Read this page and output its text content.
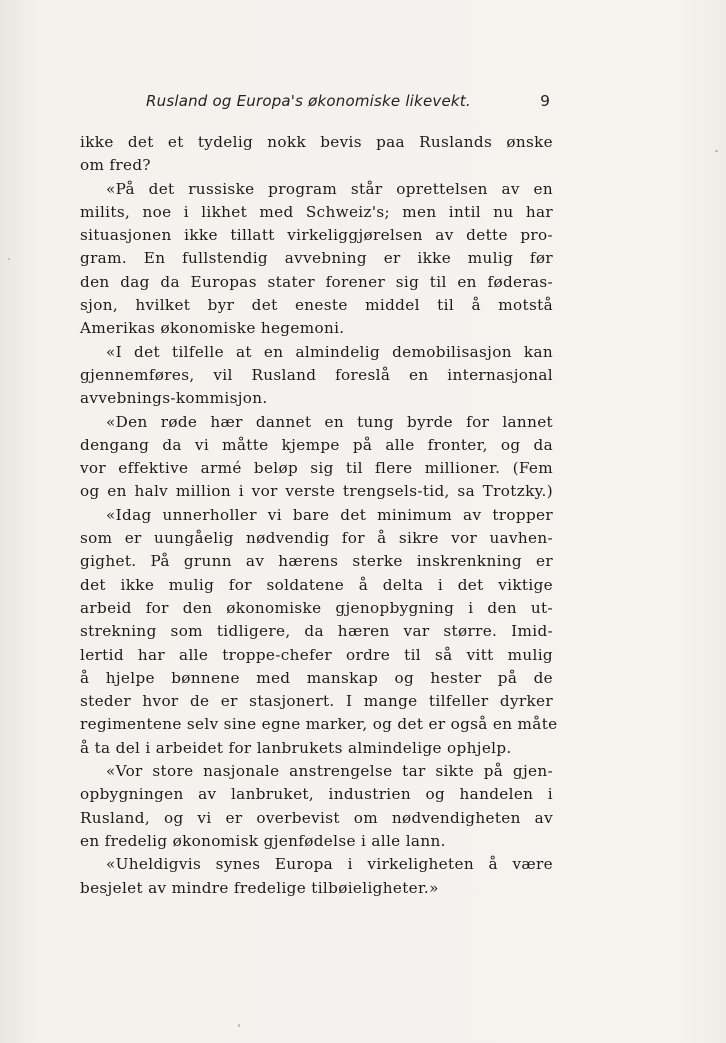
Rusland og Europa's økonomiske likevekt.	9
ikke det et tydelig nokk bevis paa Ruslands ønske
om fred?
«På det russiske program står oprettelsen av en
milits, noe i likhet med Schweiz's; men intil nu har
situasjonen ikke tillatt virkeliggjørelsen av dette pro-
gram. En fullstendig avvebning er ikke mulig før
den dag da Europas stater forener sig til en føderas-
sjon, hvilket byr det eneste middel til å motstå
Amerikas økonomiske hegemoni.
«I det tilfelle at en almindelig demobilisasjon kan
gjennemføres, vil Rusland foreslå en internasjonal
avvebnings-kommisjon.
«Den røde hær dannet en tung byrde for lannet
dengang da vi måtte kjempe på alle fronter, og da
vor effektive armé beløp sig til flere millioner. (Fem
og en halv million i vor verste trengsels-tid, sa Trotzky.)
«Idag unnerholler vi bare det minimum av tropper
som er uungåelig nødvendig for å sikre vor uavhen-
gighet. På grunn av hærens sterke inskrenkning er
det ikke mulig for soldatene å delta i det viktige
arbeid for den økonomiske gjenopbygning i den ut-
strekning som tidligere, da hæren var større. Imid-
lertid har alle troppe-chefer ordre til så vitt mulig
å hjelpe bønnene med manskap og hester på de
steder hvor de er stasjonert. I mange tilfeller dyrker
regimentene selv sine egne marker, og det er også en måte
å ta del i arbeidet for lanbrukets almindelige ophjelp.
«Vor store nasjonale anstrengelse tar sikte på gjen-
opbygningen av lanbruket, industrien og handelen i
Rusland, og vi er overbevist om nødvendigheten av
en fredelig økonomisk gjenfødelse i alle lann.
«Uheldigvis synes Europa i virkeligheten å være
besjelet av mindre fredelige tilbøieligheter.»
